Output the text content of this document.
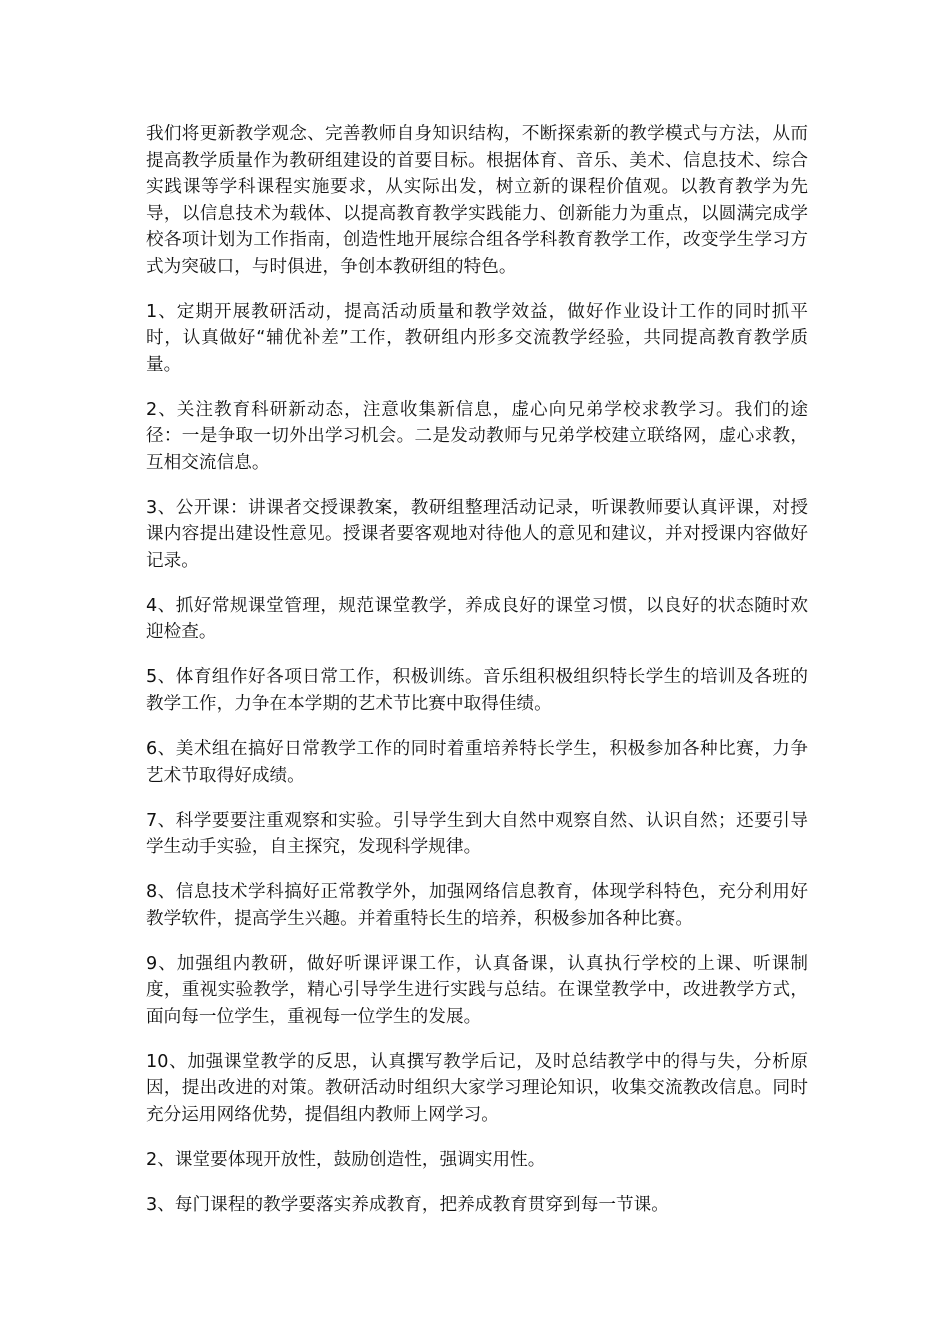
我们将更新教学观念、完善教师自身知识结构，不断探索新的教学模式与方法，从而提高教学质量作为教研组建设的首要目标。根据体育、音乐、美术、信息技术、综合实践课等学科课程实施要求，从实际出发，树立新的课程价值观。以教育教学为先导，以信息技术为载体、以提高教育教学实践能力、创新能力为重点，以圆满完成学校各项计划为工作指南，创造性地开展综合组各学科教育教学工作，改变学生学习方式为突破口，与时俱进，争创本教研组的特色。

1、定期开展教研活动，提高活动质量和教学效益，做好作业设计工作的同时抓平时，认真做好“辅优补差”工作，教研组内形多交流教学经验，共同提高教育教学质量。

2、关注教育科研新动态，注意收集新信息，虚心向兄弟学校求教学习。我们的途径：一是争取一切外出学习机会。二是发动教师与兄弟学校建立联络网，虚心求教，互相交流信息。

3、公开课：讲课者交授课教案，教研组整理活动记录，听课教师要认真评课，对授课内容提出建设性意见。授课者要客观地对待他人的意见和建议，并对授课内容做好记录。

4、抓好常规课堂管理，规范课堂教学，养成良好的课堂习惯，以良好的状态随时欢迎检查。

5、体育组作好各项日常工作，积极训练。音乐组积极组织特长学生的培训及各班的教学工作，力争在本学期的艺术节比赛中取得佳绩。

6、美术组在搞好日常教学工作的同时着重培养特长学生，积极参加各种比赛，力争艺术节取得好成绩。

7、科学要要注重观察和实验。引导学生到大自然中观察自然、认识自然；还要引导学生动手实验，自主探究，发现科学规律。

8、信息技术学科搞好正常教学外，加强网络信息教育，体现学科特色，充分利用好教学软件，提高学生兴趣。并着重特长生的培养，积极参加各种比赛。

9、加强组内教研，做好听课评课工作，认真备课，认真执行学校的上课、听课制度，重视实验教学，精心引导学生进行实践与总结。在课堂教学中，改进教学方式，面向每一位学生，重视每一位学生的发展。

10、加强课堂教学的反思，认真撰写教学后记，及时总结教学中的得与失，分析原因，提出改进的对策。教研活动时组织大家学习理论知识，收集交流教改信息。同时充分运用网络优势，提倡组内教师上网学习。

2、课堂要体现开放性，鼓励创造性，强调实用性。

3、每门课程的教学要落实养成教育，把养成教育贯穿到每一节课。
